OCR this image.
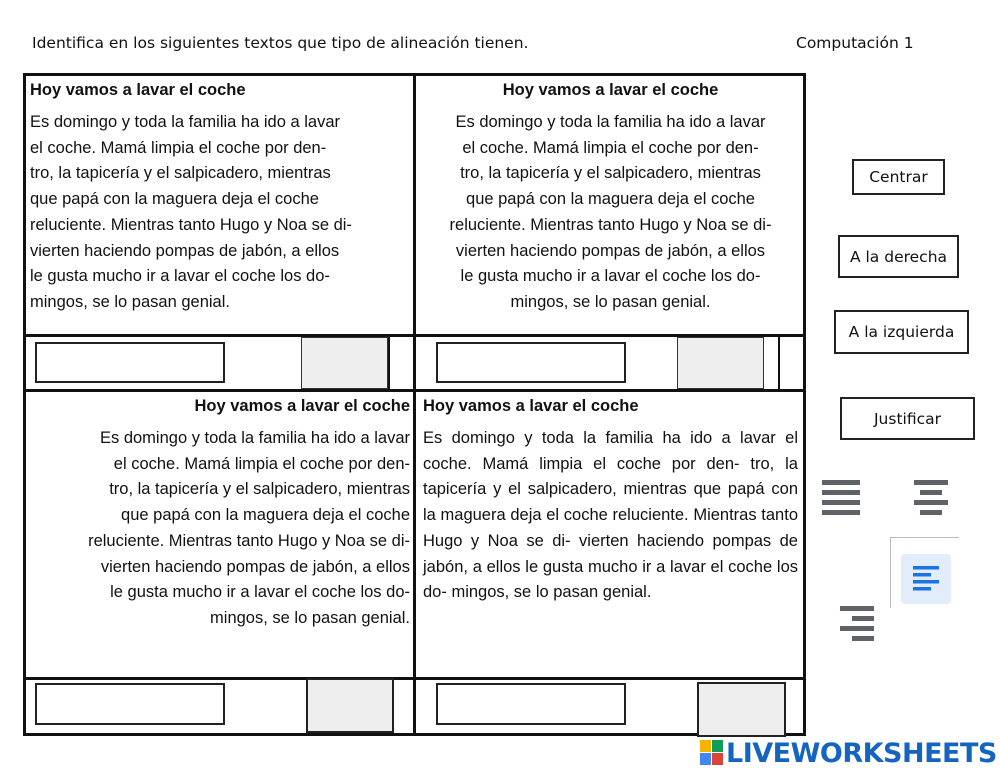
Identifica en los siguientes textos que tipo de alineación tienen.	Computación 1
Hoy vamos a lavar el coche

Es domingo y toda la familia ha ido a lavar
el coche. Mamá limpia el coche por den-
tro, la tapicería y el salpicadero, mientras
que papá con la maguera deja el coche
reluciente. Mientras tanto Hugo y Noa se di-
vierten haciendo pompas de jabón, a ellos
le gusta mucho ir a lavar el coche los do-
mingos, se lo pasan genial.

Hoy vamos a lavar el coche

Es domingo y toda la familia ha ido a lavar
el coche. Mamá limpia el coche por den-
tro, la tapicería y el salpicadero, mientras
que papá con la maguera deja el coche
reluciente. Mientras tanto Hugo y Noa se di-
vierten haciendo pompas de jabón, a ellos
le gusta mucho ir a lavar el coche los do-
mingos, se lo pasan genial.

Hoy vamos a lavar el coche

Es domingo y toda la familia ha ido a lavar
el coche. Mamá limpia el coche por den-
tro, la tapicería y el salpicadero, mientras
que papá con la maguera deja el coche
reluciente. Mientras tanto Hugo y Noa se di-
vierten haciendo pompas de jabón, a ellos
le gusta mucho ir a lavar el coche los do-
mingos, se lo pasan genial.

Hoy vamos a lavar el coche

Es domingo y toda la familia ha ido a lavar el coche. Mamá limpia el coche por den- tro, la tapicería y el salpicadero, mientras que papá con la maguera deja el coche reluciente. Mientras tanto Hugo y Noa se di- vierten haciendo pompas de jabón, a ellos le gusta mucho ir a lavar el coche los do- mingos, se lo pasan genial.

Centrar
A la derecha
A la izquierda
Justificar
LIVEWORKSHEETS
